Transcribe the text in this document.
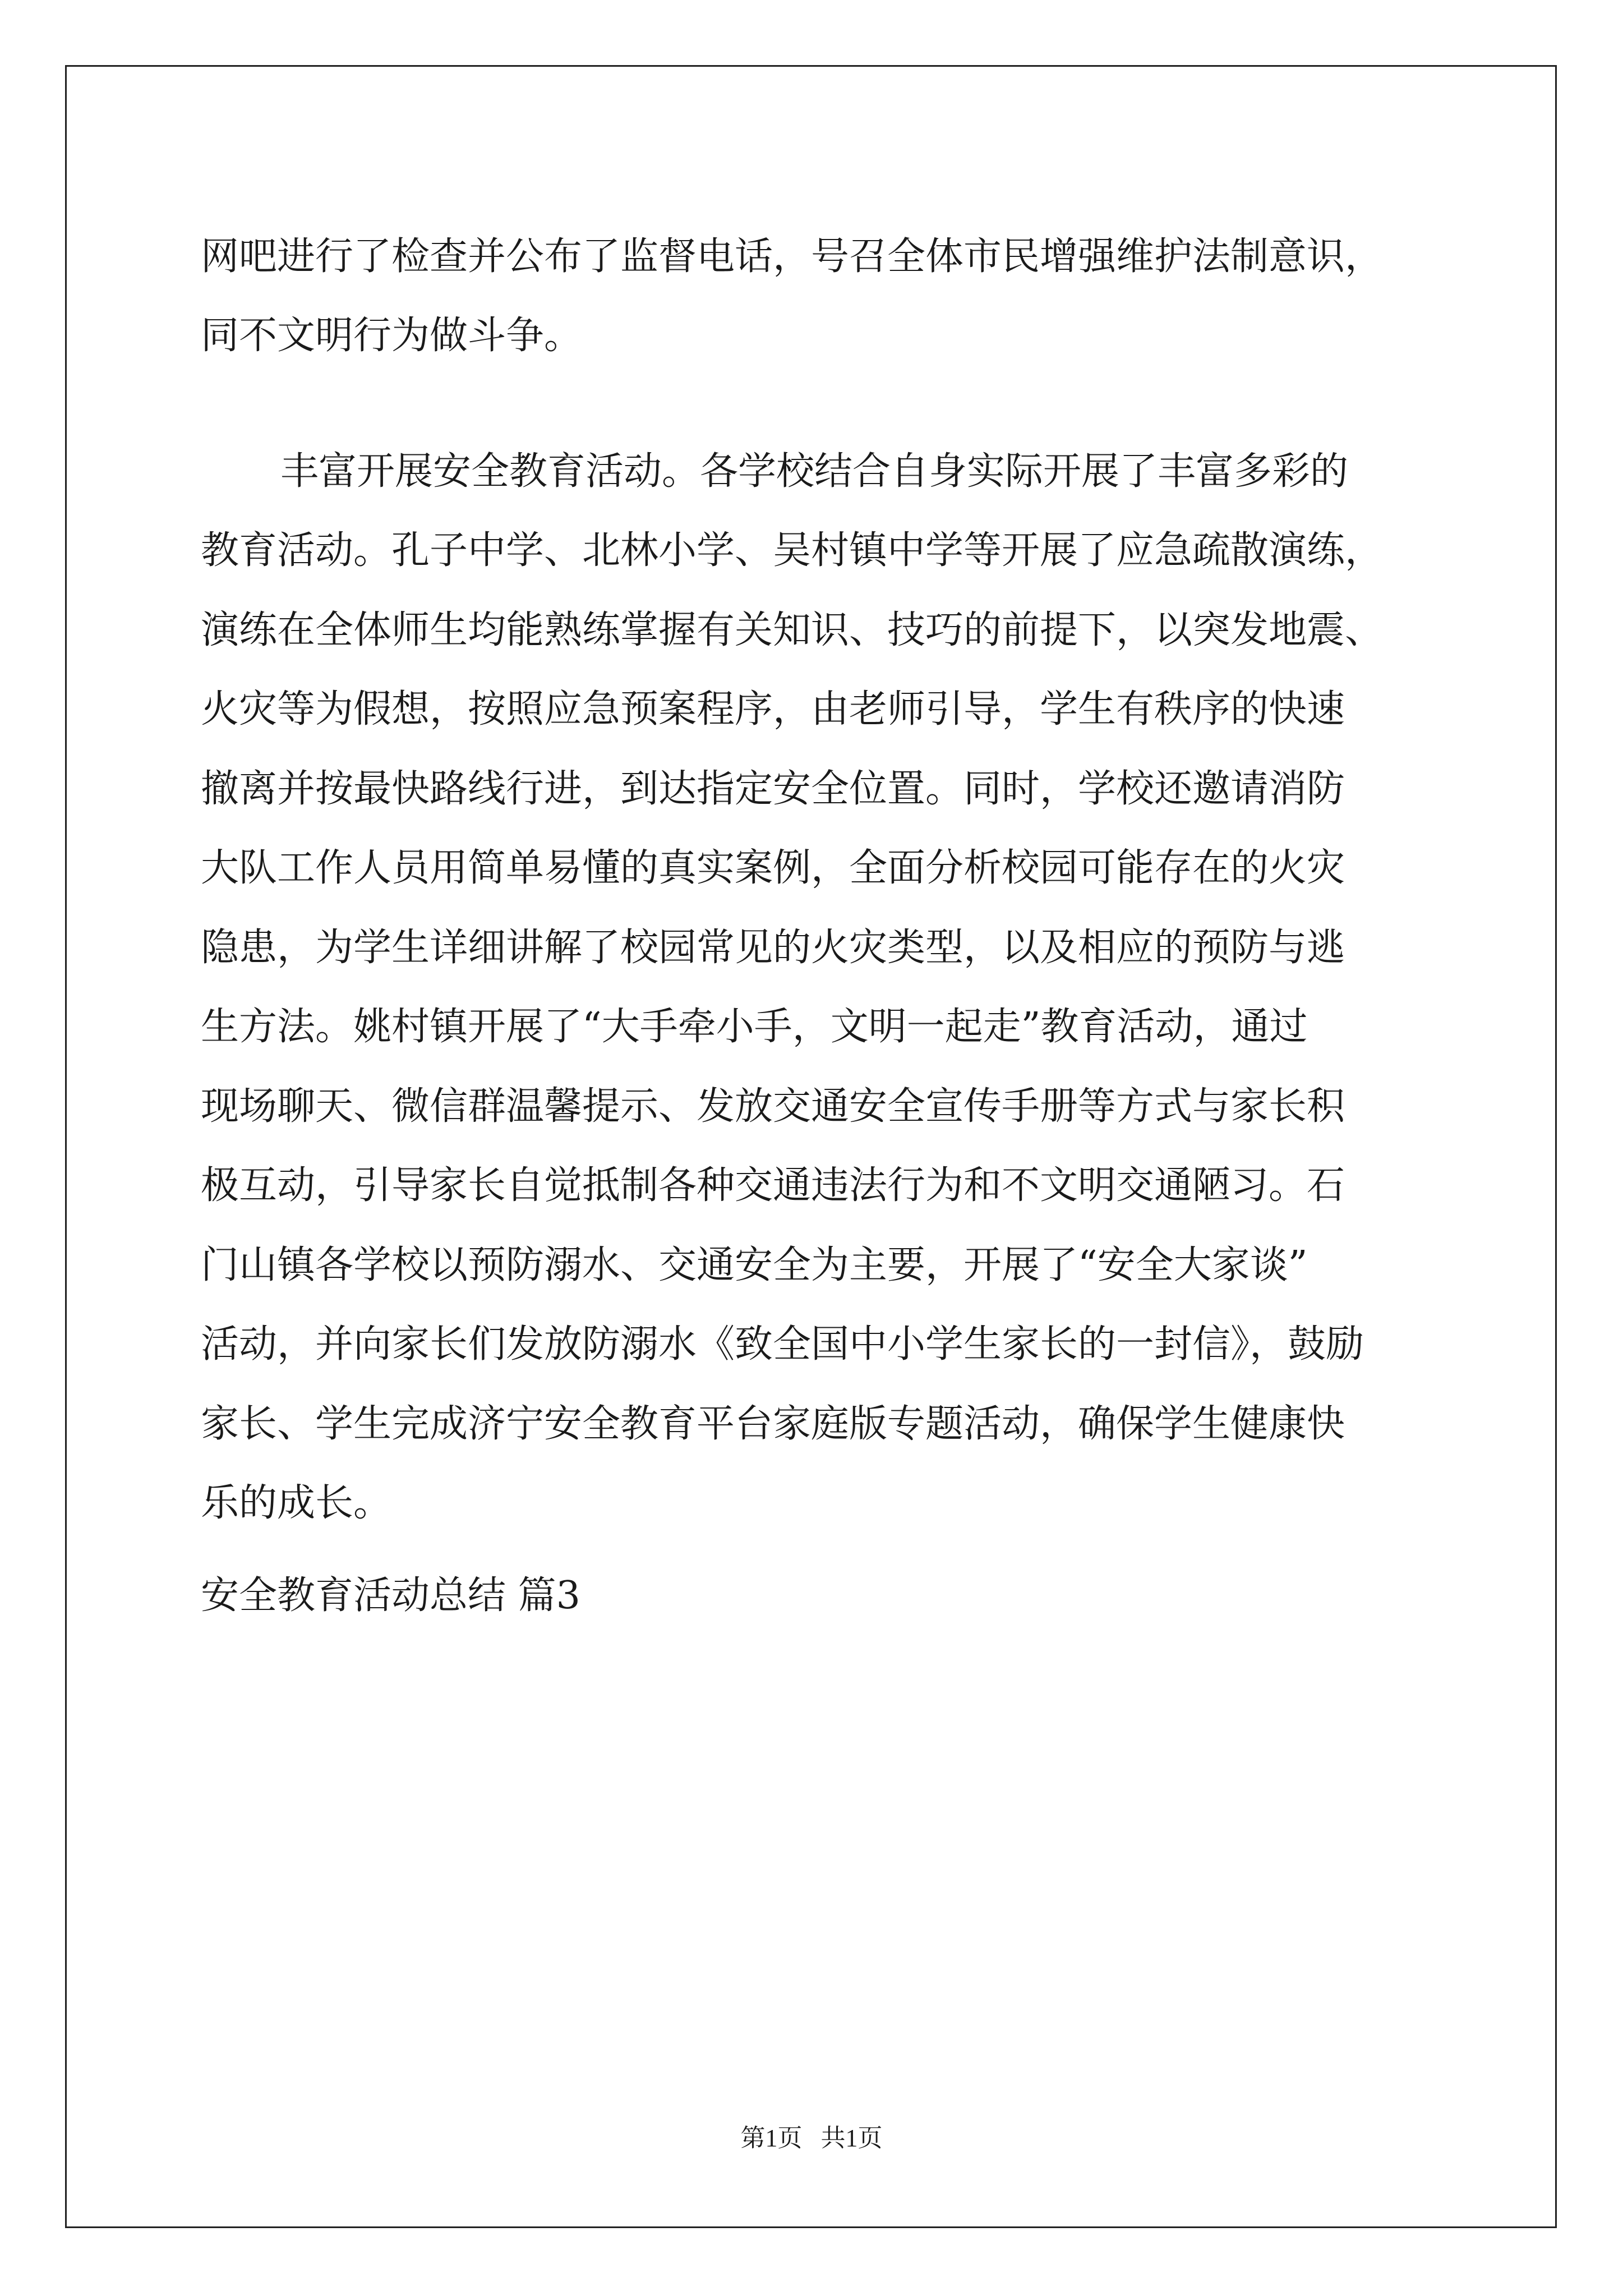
网吧进行了检查并公布了监督电话，号召全体市民增强维护法制意识，

同不文明行为做斗争。

丰富开展安全教育活动。各学校结合自身实际开展了丰富多彩的

教育活动。孔子中学、北林小学、吴村镇中学等开展了应急疏散演练，

演练在全体师生均能熟练掌握有关知识、技巧的前提下，以突发地震、

火灾等为假想，按照应急预案程序，由老师引导，学生有秩序的快速

撤离并按最快路线行进，到达指定安全位置。同时，学校还邀请消防

大队工作人员用简单易懂的真实案例，全面分析校园可能存在的火灾

隐患，为学生详细讲解了校园常见的火灾类型，以及相应的预防与逃

生方法。姚村镇开展了“大手牵小手，文明一起走”教育活动，通过

现场聊天、微信群温馨提示、发放交通安全宣传手册等方式与家长积

极互动，引导家长自觉抵制各种交通违法行为和不文明交通陋习。石

门山镇各学校以预防溺水、交通安全为主要，开展了“安全大家谈”

活动，并向家长们发放防溺水《致全国中小学生家长的一封信》，鼓励

家长、学生完成济宁安全教育平台家庭版专题活动，确保学生健康快

乐的成长。

安全教育活动总结 篇3

第1页   共1页
